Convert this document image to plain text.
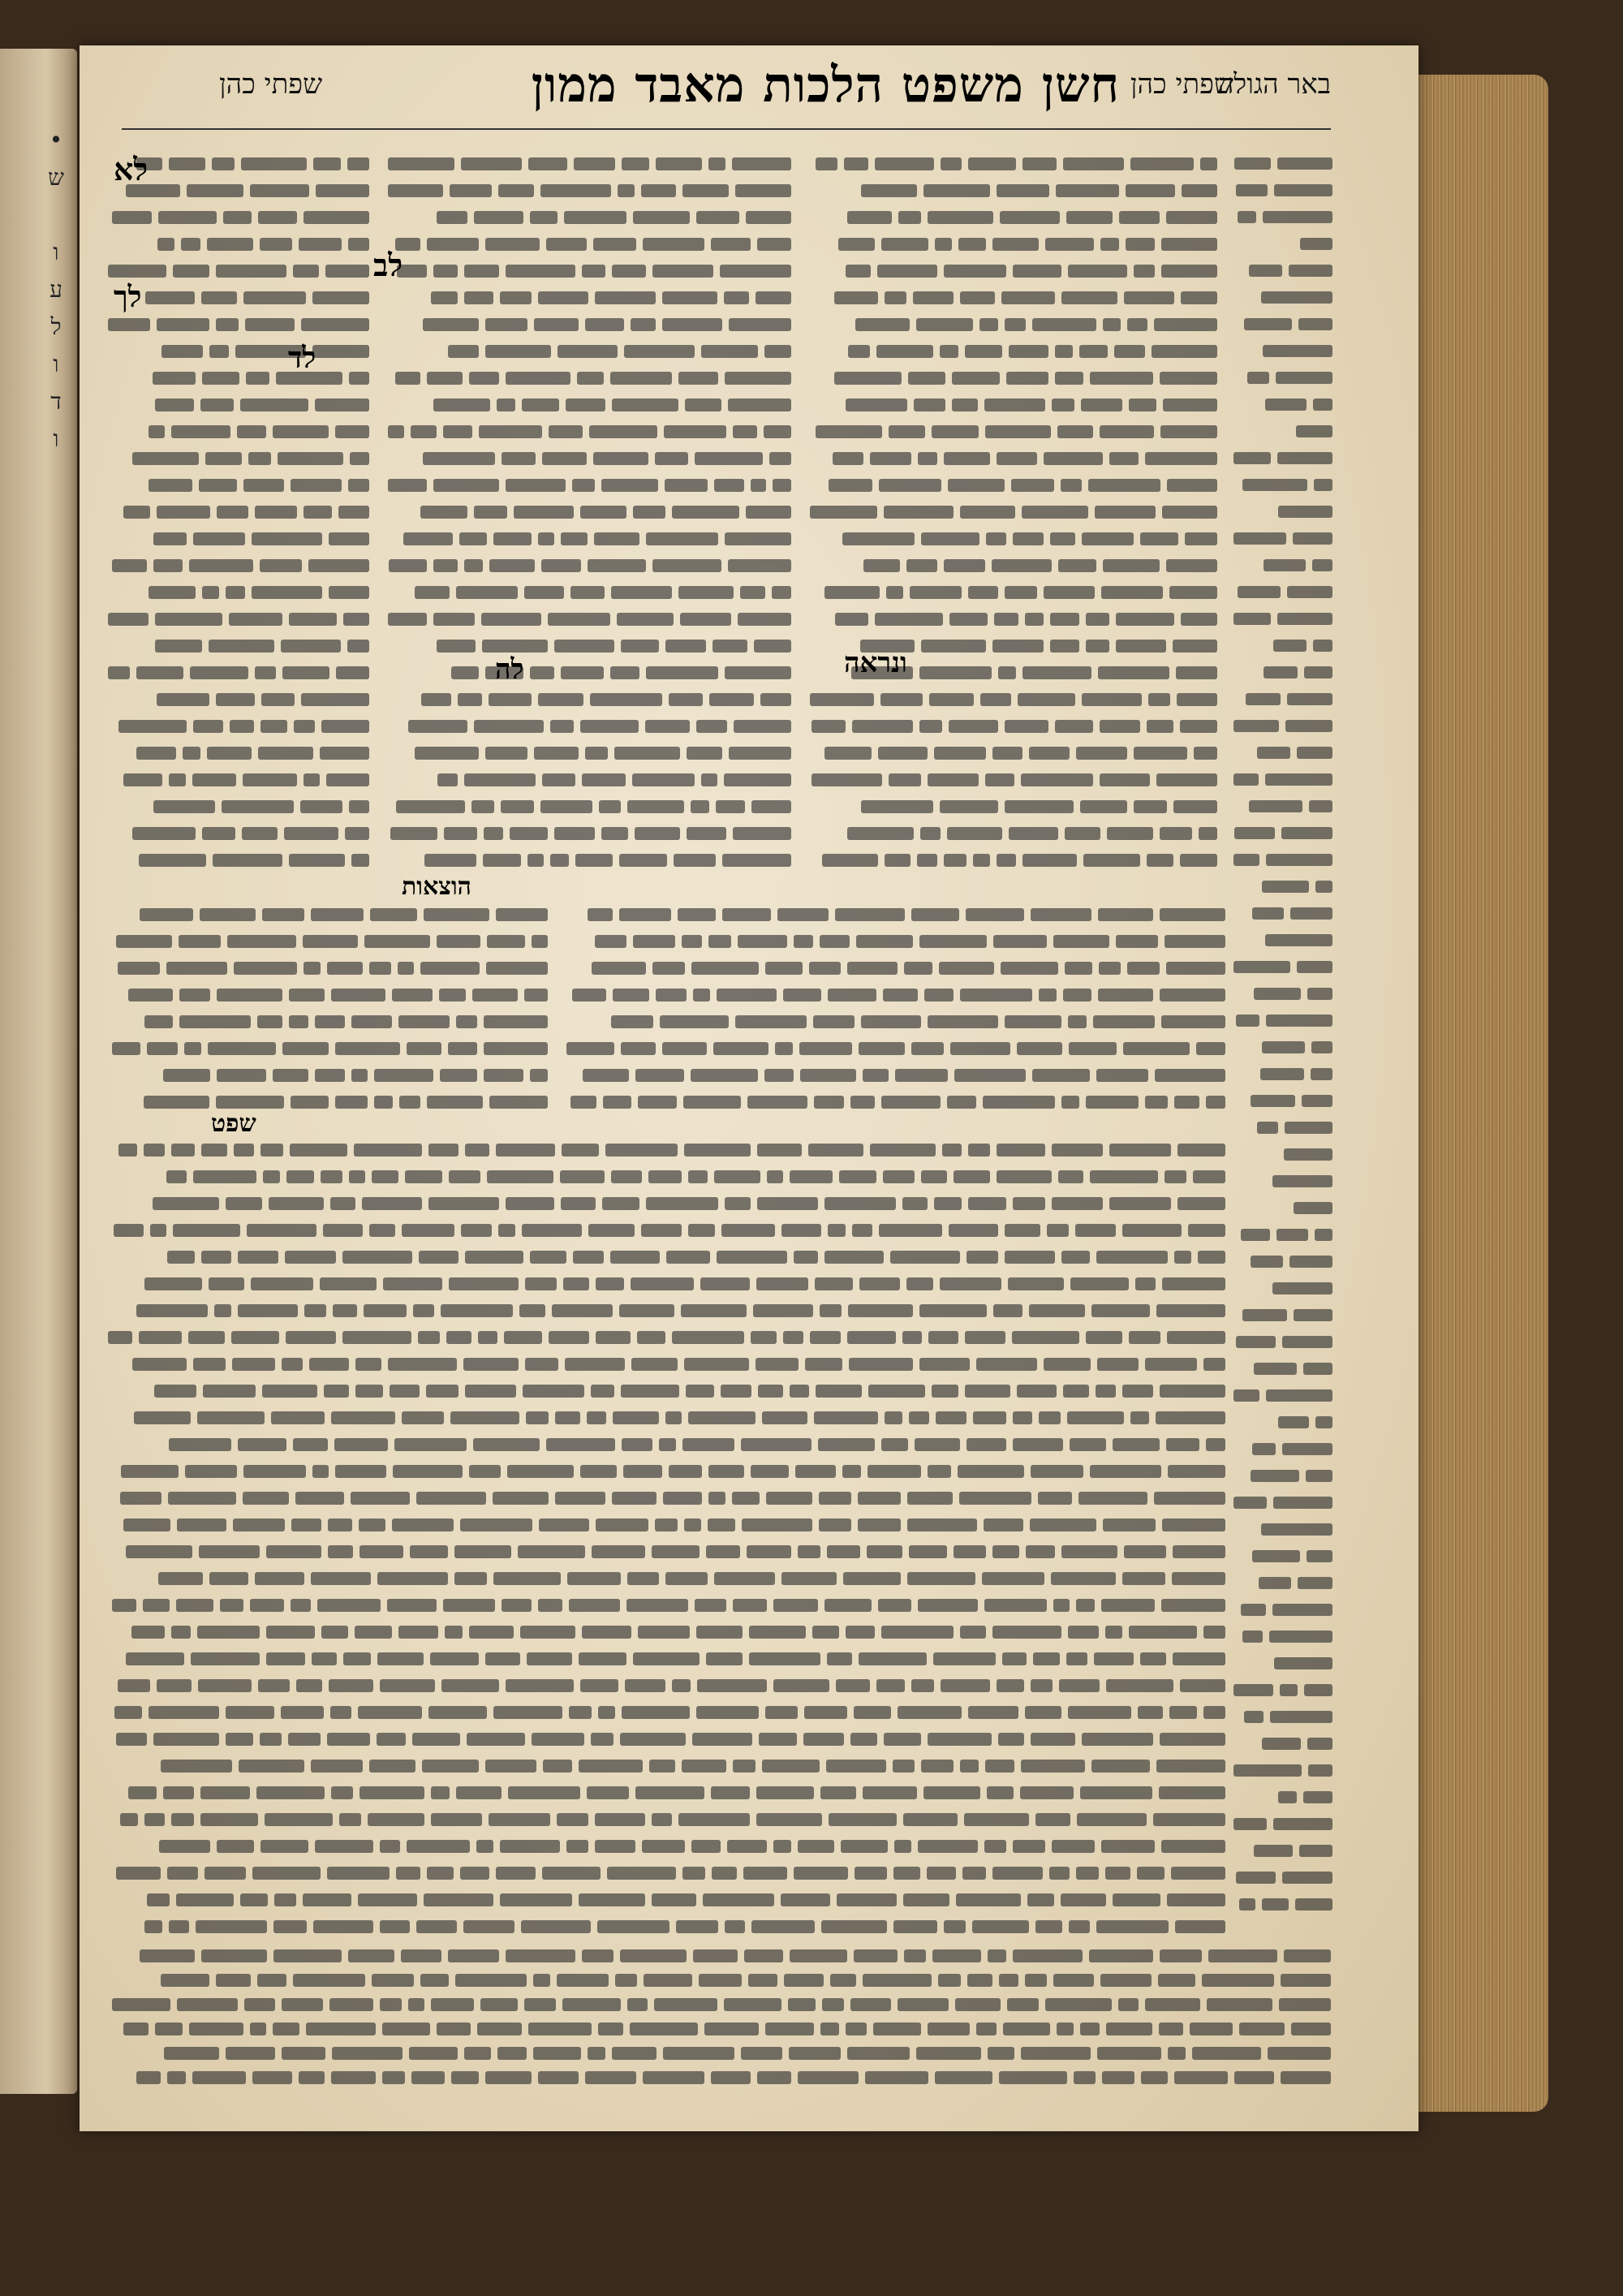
•
ש

ו
ע
ל
ו
ד
ו
באר הגולה
שפתי כהן
חשן משפט הלכות מאבד ממון
שפתי כהן
לא
לב
לך
לד
ונראה
לה
הוצאות
שפט
